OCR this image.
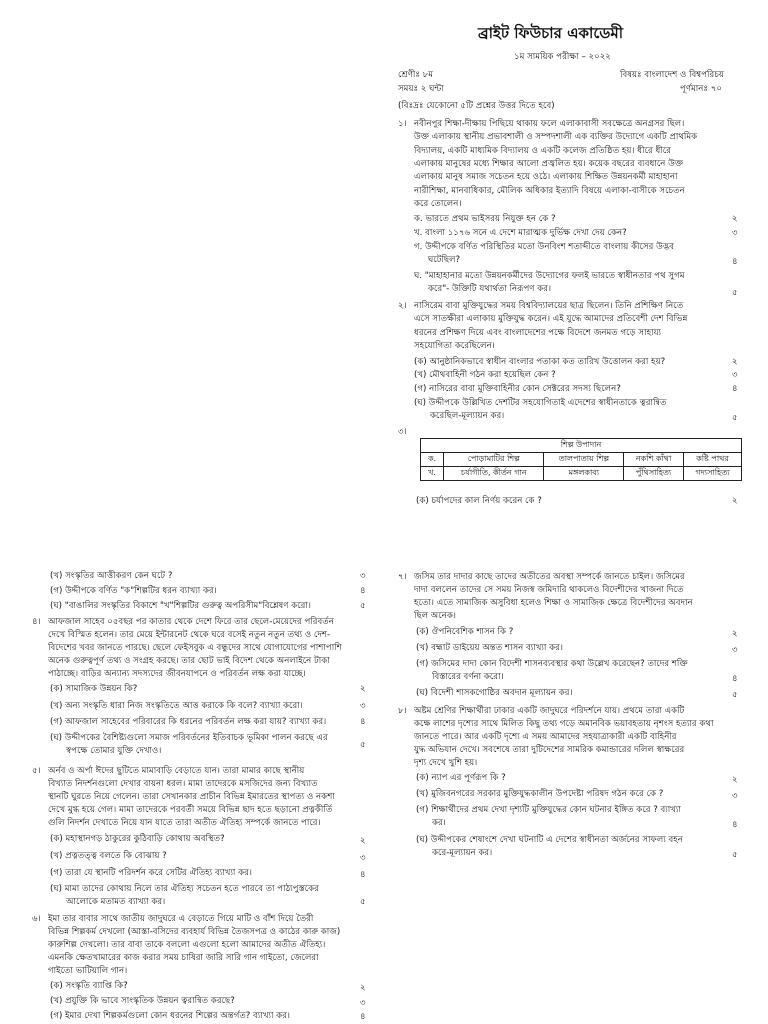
ব্রাইট ফিউচার একাডেমী
১ম সাময়িক পরীক্ষা – ২০২২
শ্রেণীঃ ৮ম	বিষয়ঃ বাংলাদেশ ও বিশ্বপরিচয়
সময়ঃ ২ ঘন্টা	পূর্ণমানঃ ৭০
(বিঃদ্রঃ যেকোনো ৫টি প্রশ্নের উত্তর দিতে হবে)
১। নবীনপুর শিক্ষা-দীক্ষায় পিছিয়ে থাকায় ফলে এলাকাবাসী সবক্ষেত্রে অনগ্রসর ছিল।
উক্ত এলাকায় স্থানীয় প্রভাবশালী ও সম্পদশালী এক ব্যক্তির উদ্যোগে একটি প্রাথমিক
বিদ্যালয়, একটি মাধ্যমিক বিদ্যালয় ও একটি কলেজ প্রতিষ্ঠিত হয়। ধীরে ধীরে
এলাকায় মানুষের মধ্যে শিক্ষার আলো প্রজ্বলিত হয়। কয়েক বছরের ব্যবধানে উক্ত
এলাকায় মানুষ সমাজ সচেতন হয়ে ওঠে। এলাকায় শিক্ষিত উন্নয়নকর্মী মাহাহানা
নারীশিক্ষা, মানবাধিকার, মৌলিক অধিকার ইত্যাদি বিষয়ে এলাকা-বাসীকে সচেতন
করে তোলেন।
ক. ভারতে প্রথম ভাইসরয় নিযুক্ত হন কে ?	২
খ. বাংলা ১১৭৬ সনে এ দেশে মারাত্মক দুর্ভিক্ষ দেখা দেয় কেন?	৩
গ. উদ্দীপকে বর্ণিত পরিস্থিতির মতো উনবিংশ শতাব্দীতে বাংলায় কীসের উদ্ভব
ঘটেছিল?	৪
ঘ. "মাহাহানার মতো উন্নয়নকর্মীদের উদ্যোগের ফলই ভারতে স্বাধীনতার পথ সুগম
করে"- উক্তিটি যথার্থতা নিরূপণ কর।	৫
২। নাসিরেম বাবা মুক্তিযুদ্ধের সময় বিশ্ববিদ্যালয়ের ছাত্র ছিলেন। তিনি প্রশিক্ষিণ নিতে
এসে সাতক্ষীরা এলাকায় মুক্তিযুদ্ধ করেন। এই যুদ্ধে আমাদের প্রতিবেশী দেশ বিভিন্ন
ধরনের প্রশিক্ষণ দিয়ে এবং বাংলাদেশের পক্ষে বিদেশে জনমত গড়ে সাহায্য
সহযোগিতা করেছিলেন।
(ক) আনুষ্ঠানিকভাবে স্বাধীন বাংলার পতাকা কত তারিখ উত্তোলন করা হয়?	২
(খ) মৌথবাহিনী গঠন করা হয়েছিল কেন ?	৩
(গ) নাসিরের বাবা মুক্তিবাহিনীর কোন সেক্টরের সদস্য ছিলেন?	৪
(ঘ) উদ্দীপকে উল্লিখিত দেশটির সহযোগিতাই এদেশের স্বাধীনতাকে ত্বরান্বিত
করেছিল-মূল্যায়ন কর।	৫
৩।
শিল্প উপাদান				
ক.	পোড়ামাটির শিল্প	তালপাতায় শিল্প	নকশি কাঁথা	কষ্টি পাথর
খ.	চর্যাগীতি, কীর্তন গান	মঙ্গলকাব্য	পুঁথিসাহিত্য	গদ্যসাহিত্য
(ক) চর্যাপদের কাল নির্ণয় করেন কে ?	২
(খ) সংস্কৃতির আত্তীকরণ কেন ঘটে ?	৩
(গ) উদ্দীপকে বর্ণিত "ক"শিল্পটির ধরন ব্যাখ্যা কর।	৪
(ঘ) "বাঙালির সংস্কৃতির বিকাশে "খ"শিল্পটির গুরুত্ব অপরিসীম"বিশ্লেষণ করো।	৫
৪। আফজাল সাহেব ০৫বছর পর কাতার থেকে দেশে ফিরে তার ছেলে-মেয়েদের পরিবর্তন
দেখে বিস্মিত হলেন। তার মেয়ে ইন্টারনেট থেকে ঘরে বসেই নতুন নতুন তথ্য ও দেশ-
বিদেশের খবর জানতে পারছে। ছেলে ফেইসবুক এ বন্ধুদের সাথে যোগাযোগের পাশাপাশি
অনেক গুরুত্বপূর্ণ তথ্য ও সংগ্রহ করছে। তার ছোট ভাই বিদেশ থেকে অনলাইনে টাকা
পাঠাচ্ছে। বাড়ির অন্যান্য সদস্যদের জীবনযাপনে ও পরিবর্তন লক্ষ করা যাচ্ছে।
(ক) সামাজিক উন্নয়ন কি?	২
(খ) অন্য সংস্কৃতি ধারা নিজ সংস্কৃতিতে আত্ত করাকে কি বলে? ব্যাখ্যা করো।	৩
(গ) আফজাল সাহেবের পরিবারের কি ধরনের পরিবর্তন লক্ষ করা যায়? ব্যাখ্যা কর।	৪
(ঘ) উদ্দীপকের বৈশিষ্ট্যগুলো সমাজ পরিবর্তনের ইতিবাচক ভূমিকা পালন করছে এর
স্বপক্ষে তোমার যুক্তি দেখাও।
৫
৫। অর্নব ও অর্পা ঈদের ছুটিতে মামাবাড়ি বেড়াতে যান। তারা মামার কাছে স্থানীয়
বিখ্যাত নিদর্শনগুলো দেখার বায়না ধরল। মামা তাদেরকে মসজিদের জন্য বিখ্যাত
স্থানটি ঘুরতে নিয়ে গেলেন। তারা সেখানকার প্রাচীন বিভিন্ন ইমারতের স্থাপত্য ও নকশা
দেখে মুগ্ধ হয়ে গেল। মামা তাদেরকে পরবর্তী সময়ে বিভিন্ন ছাদ হতে ছড়ানো প্রত্নকীর্তি
গুলি নিদর্শন দেখাতে নিয়ে যান যাতে তারা অতীত ঐতিহ্য সম্পর্কে জানতে পারে।
(ক) মহাস্থানগড় ঠাকুরের কুঠিবাড়ি কোথায় অবস্থিত?	২
(খ) প্রত্নতত্ত্ব বলতে কি বোঝায় ?	৩
(গ) তারা যে স্থানটি পরিদর্শন করে সেটির ঐতিহ্য ব্যাখ্যা কর।	৪
(ঘ) মামা তাদের কোথায় নিলে তার ঐতিহ্য সচেতন হতে পারবে তা পাঠ্যপুস্তকের
আলোকে মতামত ব্যাখ্যা কর।	৫
৬। ইমা তার বাবার সাথে জাতীয় জাদুঘরে এ বেড়াতে গিয়ে মাটি ও বাঁশ দিয়ে তৈরী
বিভিন্ন শিল্পকর্ম দেখলো (আস্তা-বসিদের ব্যবহার্য বিভিন্ন তৈজসপত্র ও কাঠের কারু কাজ)
কারুশিল্প দেখলো। তার বাবা তাকে বললো এগুলো হলো আমাদের অতীত ঐতিহ্য।
এমনকি ক্ষেতখামারের কাজ করার সময় চাষিরা জারি সারি গান গাইতো, জেলেরা
গাইতো ভাটিয়ালি গান।
(ক) সংস্কৃতি ব্যাপ্তি কি?	২
(খ) প্রযুক্তি কি ভাবে সাংস্কৃতিক উন্নয়ন ত্বরান্বিত করছে?	৩
(গ) ইমার দেখা শিল্পকর্মগুলো কোন ধরনের শিল্পের অন্তর্গত? ব্যাখ্যা কর।	৪
৭। জসিম তার দাদার কাছে তাদের অতীতের অবস্থা সম্পর্কে জানতে চাইল। জসিমের
দাদা বললেন তাদের সে সময় নিজস্ব জমিদারি থাকলেও বিদেশীদের খাজনা দিতে
হতো। এতে সামাজিক অসুবিধা হলেও শিক্ষা ও সামাজিক ক্ষেত্রে বিদেশীদের অবদান
ছিল অনেক।
(ক) ঔপনিবেশিক শাসন কি ?	২
(খ) বহ্মাট ডাইয়েয় অন্তত শাসন ব্যাখ্যা কর।	৩
(গ) জসিমের দাদা কোন বিদেশী শাসনব্যবস্থার কথা উল্লেখ করেছেন? তাদের শক্তি
বিস্তারের বর্ণনা করো।	৪
(ঘ) বিদেশী শাসকগোষ্ঠির অবদান মূল্যায়ন কর।	৫
৮। অষ্টম শ্রেণির শিক্ষার্থীরা ঢাকার একটি জাদুঘরে পরিদর্শনে যায়। প্রথমে তারা একটি
কক্ষে লাশের দৃশ্যের সাথে মিলিত কিছু তথ্য গড়ে অমানবিক ভয়াবহতায় নৃশংস হত্যার কথা
জানতে পারে। আর একটি দৃশ্যে এ সময় আমাদের সহযাত্রাকারী একটি বাহিনীর
যুদ্ধ অভিযান দেখে। সবশেষে তারা দুটিদেশের সামরিক কমান্ডারের দলিল স্বাক্ষরের
দৃশ্য দেখে খুশি হয়।
(ক) ন্যাপ এর পূর্ণরূপ কি ?	২
(খ) মুজিবনগরের সরকার মুক্তিযুদ্ধকালীন উপদেষ্টা পরিষদ গঠন করে কে ?	৩
(গ) শিক্ষার্থীদের প্রথম দেখা দৃশ্যটি মুক্তিযুদ্ধের কোন ঘটনার ইঙ্গিত করে ? ব্যাখ্যা
কর।	৪
(ঘ) উদ্দীপকের শেষাংশে দেখা ঘটনাটি এ দেশের স্বাধীনতা অর্জনের সাফল্য বহন
করে-মূল্যায়ন কর।	৫
